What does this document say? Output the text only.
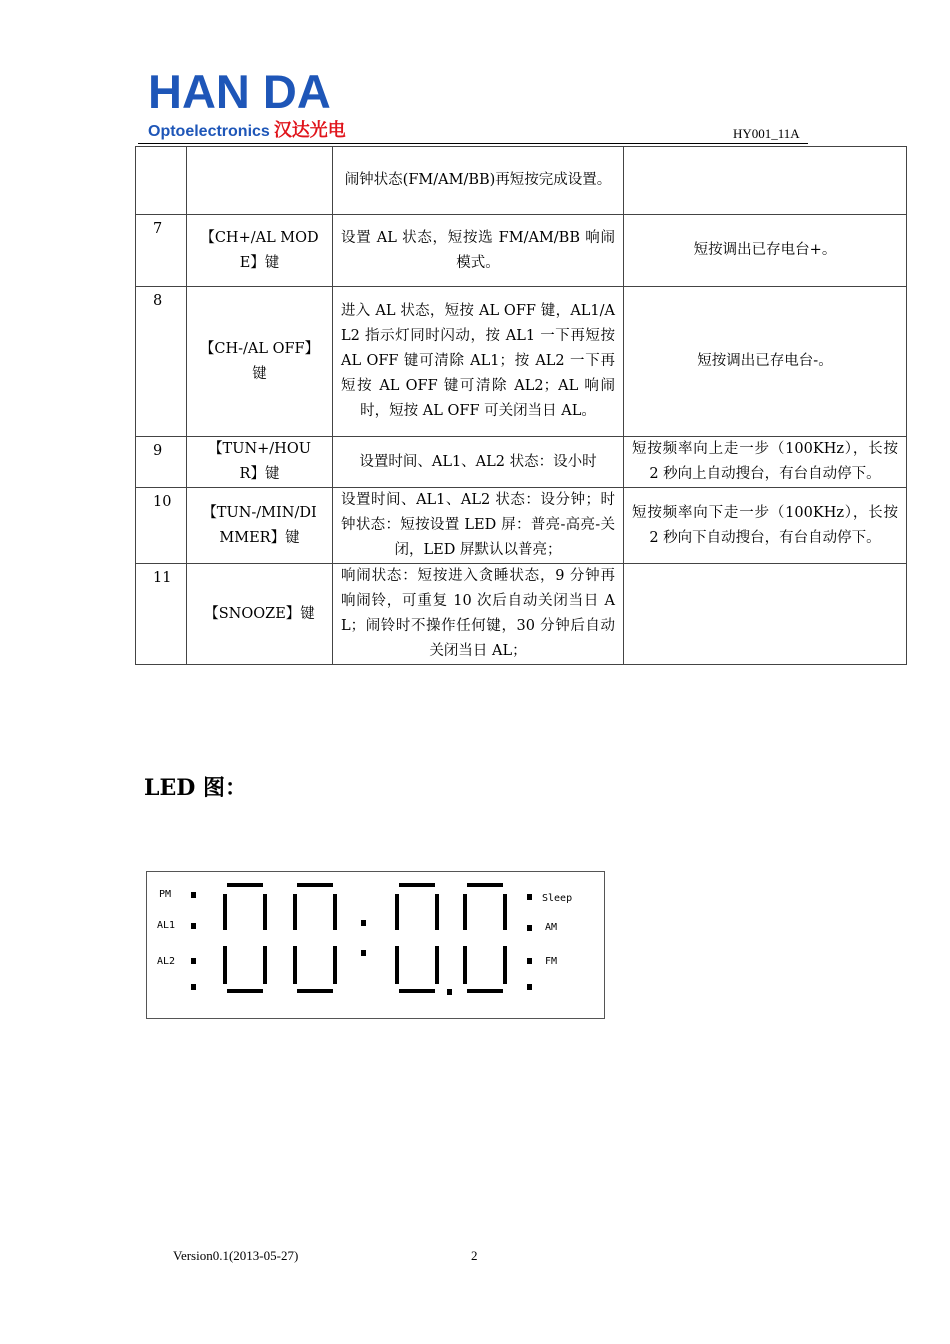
HAN DA
Optoelectronics 汉达光电	HY001_11A
		闹钟状态(FM/AM/BB)再短按完成设置。	
7	【CH+/AL MODE】键	设置 AL 状态，短按选 FM/AM/BB 响闹模式。	短按调出已存电台+。
8	【CH-/AL OFF】键	进入 AL 状态，短按 AL OFF 键，AL1/AL2 指示灯同时闪动，按 AL1 一下再短按 AL OFF 键可清除 AL1；按 AL2 一下再短按 AL OFF 键可清除 AL2；AL 响闹时，短按 AL OFF 可关闭当日 AL。	短按调出已存电台-。
9	【TUN+/HOUR】键	设置时间、AL1、AL2 状态：设小时	短按频率向上走一步（100KHz），长按 2 秒向上自动搜台，有台自动停下。
10	【TUN-/MIN/DIMMER】键	设置时间、AL1、AL2 状态：设分钟；时钟状态：短按设置 LED 屏：普亮-高亮-关闭，LED 屏默认以普亮；	短按频率向下走一步（100KHz），长按 2 秒向下自动搜台，有台自动停下。
11	【SNOOZE】键	响闹状态：短按进入贪睡状态，9 分钟再响闹铃，可重复 10 次后自动关闭当日 AL；闹铃时不操作任何键，30 分钟后自动关闭当日 AL；	
LED 图：
PM
AL1
AL2
Sleep
AM
FM
Version0.1(2013-05-27)	2
